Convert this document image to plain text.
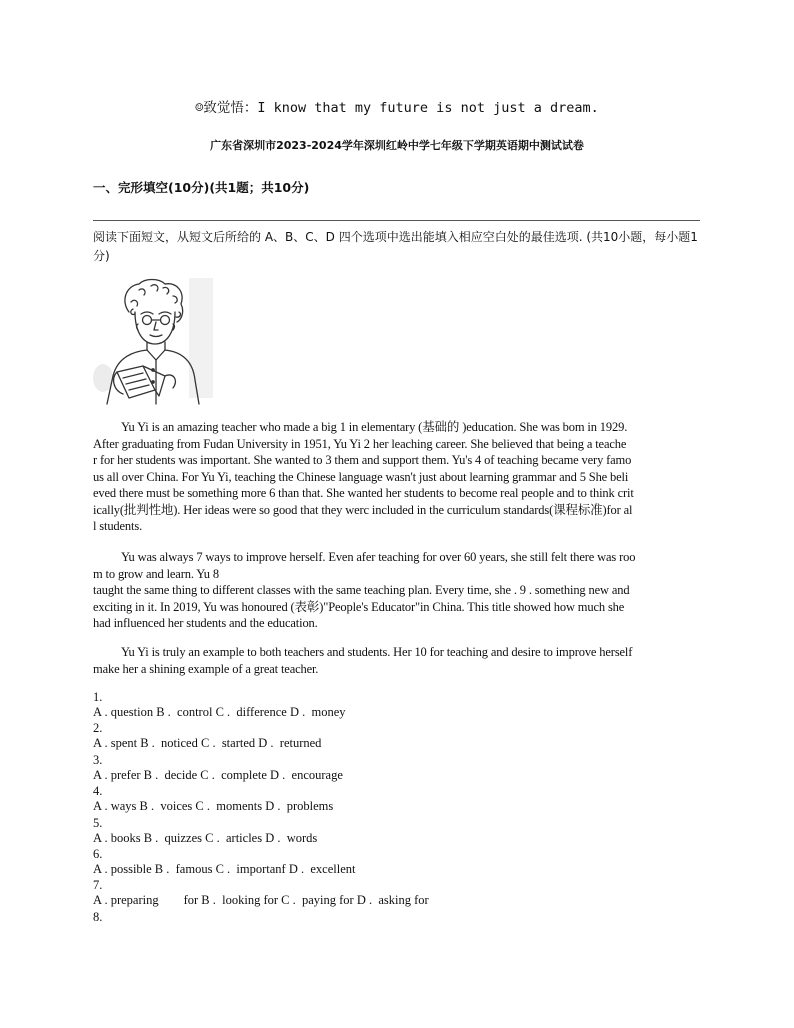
☺致觉悟：I know that my future is not just a dream.
广东省深圳市2023-2024学年深圳红岭中学七年级下学期英语期中测试试卷
一、完形填空(10分)(共1题；共10分)
阅读下面短文，从短文后所给的 A、B、C、D 四个选项中选出能填入相应空白处的最佳选项. (共10小题，每小题1分)
Yu Yi is an amazing teacher who made a big 1 in elementary (基础的 )education. She was bom in 1929.
After graduating from Fudan University in 1951, Yu Yi 2 her leaching career. She believed that being a teache
r for her students was important. She wanted to 3 them and support them. Yu's 4 of teaching became very famo
us all over China. For Yu Yi, teaching the Chinese language wasn't just about learning grammar and 5 She beli
eved there must be something more 6 than that. She wanted her students to become real people and to think crit
ically(批判性地). Her ideas were so good that they werc included in the curriculum standards(课程标准)for al
l students.
Yu was always 7 ways to improve herself. Even afer teaching for over 60 years, she still felt there was roo
m to grow and learn. Yu 8
taught the same thing to different classes with the same teaching plan. Every time, she . 9 . something new and
exciting in it. In 2019, Yu was honoured (表彰)"People's Educator"in China. This title showed how much she
had influenced her students and the education.
Yu Yi is truly an example to both teachers and students. Her 10 for teaching and desire to improve herself
make her a shining example of a great teacher.
1.
A . question B .  control C .  difference D .  money
2.
A . spent B .  noticed C .  started D .  returned
3.
A . prefer B .  decide C .  complete D .  encourage
4.
A . ways B .  voices C .  moments D .  problems
5.
A . books B .  quizzes C .  articles D .  words
6.
A . possible B .  famous C .  importanf D .  excellent
7.
A . preparing        for B .  looking for C .  paying for D .  asking for
8.
